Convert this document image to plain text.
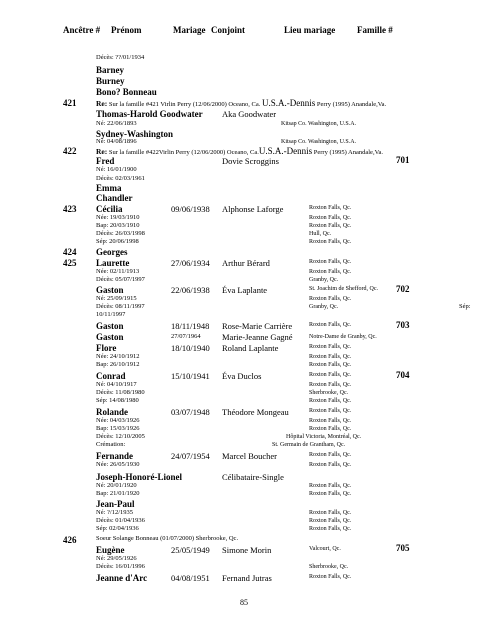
Ancêtre # Prénom	Mariage Conjoint	Lieu mariage Famille #
Décès: ??/01/1934
Barney
Burney
Bono? Bonneau
421	Re: Sur la famille #421 Virlin Perry (12/06/2000) Oceano, Ca. U.S.A.-Dennis Perry (1995) Anandale,Va.
Thomas-Harold Goodwater Aka Goodwater
Né: 22/06/1893	Kitsap Co. Washington, U.S.A.
Sydney-Washington
Né: 04/08/1896	Kitsap Co. Washington, U.S.A.
422	Re: Sur la famille #422Virlin Perry (12/06/2000) Oceano, Ca.U.S.A.-Dennis Perry (1995) Anandale,Va.
Fred	Dovie Scroggins	701
Né: 16/01/1900
Décès: 02/03/1961
Emma
Chandler
Cécilia
423	09/06/1938 Alphonse Laforge	Roxton Falls, Qc.
Née: 19/03/1910	Roxton Falls, Qc.
Bap: 20/03/1910	Roxton Falls, Qc.
Décès: 26/03/1998	Hull, Qc.
Sép: 20/06/1998	Roxton Falls, Qc.
424 Georges
425 Laurette	27/06/1934 Arthur Bérard	Roxton Falls, Qc.
Née: 02/11/1913	Roxton Falls, Qc.
Décès: 05/07/1997	Granby, Qc.
Gaston	22/06/1938 Éva Laplante	St. Joachim de Shefford, Qc. 702
Né: 25/09/1915	Roxton Falls, Qc.
Décès: 08/11/1997	Granby, Qc.	Sép:
10/11/1997
Gaston	18/11/1948 Rose-Marie Carrière	Roxton Falls, Qc.	703
Gaston	27/07/1964	Marie-Jeanne Gagné	Notre-Dame de Granby, Qc.
Flore	18/10/1940 Roland Laplante	Roxton Falls, Qc.
Née: 24/10/1912	Roxton Falls, Qc.
Bap: 26/10/1912	Roxton Falls, Qc.
Conrad	15/10/1941 Éva Duclos	Roxton Falls, Qc.	704
Né: 04/10/1917	Roxton Falls, Qc.
Décès: 11/08/1980	Sherbrooke, Qc.
Sép: 14/08/1980	Roxton Falls, Qc.
Rolande	03/07/1948 Théodore Mongeau	Roxton Falls, Qc.
Née: 04/03/1926	Roxton Falls, Qc.
Bap: 15/03/1926	Roxton Falls, Qc.
Décès: 12/10/2005	Hôpital Victoria, Montréal, Qc.
Crémation:	St. Germain de Grantham, Qc.
Fernande	24/07/1954 Marcel Boucher	Roxton Falls, Qc.
Née: 26/05/1930	Roxton Falls, Qc.
Joseph-Honoré-Lionel	Célibataire-Single
Né: 20/01/1920	Roxton Falls, Qc.
Bap: 21/01/1920	Roxton Falls, Qc.
Jean-Paul
Né: ?/12/1935	Roxton Falls, Qc.
Décès: 01/04/1936	Roxton Falls, Qc.
Sép: 02/04/1936	Roxton Falls, Qc.
426	Soeur Solange Bonneau (01/07/2000) Sherbrooke, Qc.
Eugène	25/05/1949 Simone Morin	Valcourt, Qc.	705
Né: 29/05/1926
Décès: 16/01/1996	Sherbrooke, Qc.
Jeanne d'Arc	04/08/1951 Fernand Jutras	Roxton Falls, Qc.
85
